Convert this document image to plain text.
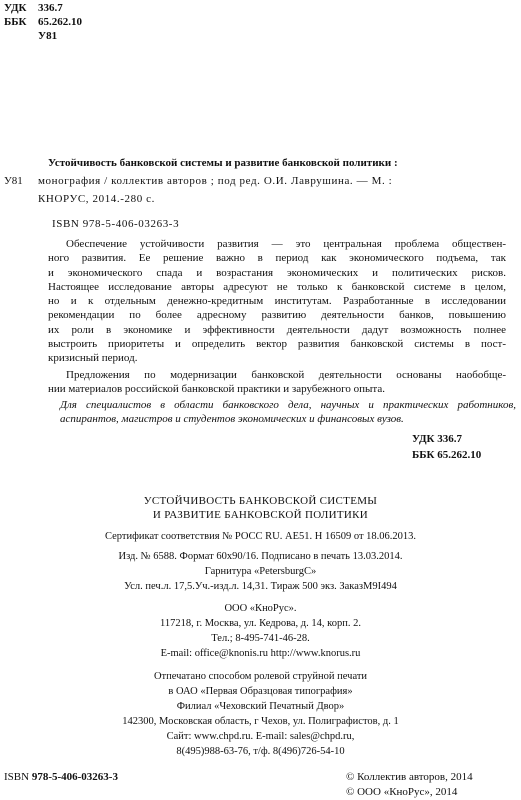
УДК 336.7
ББК 65.262.10
У81
Устойчивость банковской системы и развитие банковской политики :
У81 монография / коллектив авторов ; под ред. О.И. Лаврушина. — М. :
КНОРУС, 2014.-280 с.
ISBN 978-5-406-03263-3
Обеспечение устойчивости развития — это центральная проблема обществен-
ного развития. Ее решение важно в период как экономического подъема, так
и экономического спада и возрастания экономических и политических рисков.
Настоящее исследование авторы адресуют не только к банковской системе в целом,
но и к отдельным денежно-кредитным институтам. Разработанные в исследовании
рекомендации по более адресному развитию деятельности банков, повышению
их роли в экономике и эффективности деятельности дадут возможность полнее
выстроить приоритеты и определить вектор развития банковской системы в пост-
кризисный период.
Предложения по модернизации банковской деятельности основаны нaобобщe-
нии материалов российской банковской практики и зарубежного опыта.
Для специалистов в области банковского дела, научных и практических работников,
аспирантов, магистров и студентов экономических и финансовых вузов.
УДК 336.7
ББК 65.262.10
УСТОЙЧИВОСТЬ БАНКОВСКОЙ СИСТЕМЫ
И РАЗВИТИЕ БАНКОВСКОЙ ПОЛИТИКИ
Сертификат соответствия № РОСС RU. АЕ51. Н 16509 от 18.06.2013.
Изд. № 6588. Формат 60x90/16. Подписано в печать 13.03.2014.
Гарнитура «PetersburgC»
Усл. печ.л. 17,5.Уч.-изд.л. 14,31. Тираж 500 экз. ЗаказМ9І494
ООО «КноРус».
117218, г. Москва, ул. Кедрова, д. 14, корп. 2.
Тел.; 8-495-741-46-28.
E-mail: office@knonis.ru http://www.knorus.ru
Отпечатано способом ролевой струйной печати
в ОАО «Первая Образцовая типография»
Филиал «Чеховский Печатный Двор»
142300, Московская область, г Чехов, ул. Полиграфистов, д. 1
Сайт: www.chpd.ru. E-mail: sales@chpd.ru,
8(495)988-63-76, т/ф. 8(496)726-54-10
ISBN 978-5-406-03263-3	© Коллектив авторов, 2014
© ООО «КноРус», 2014
